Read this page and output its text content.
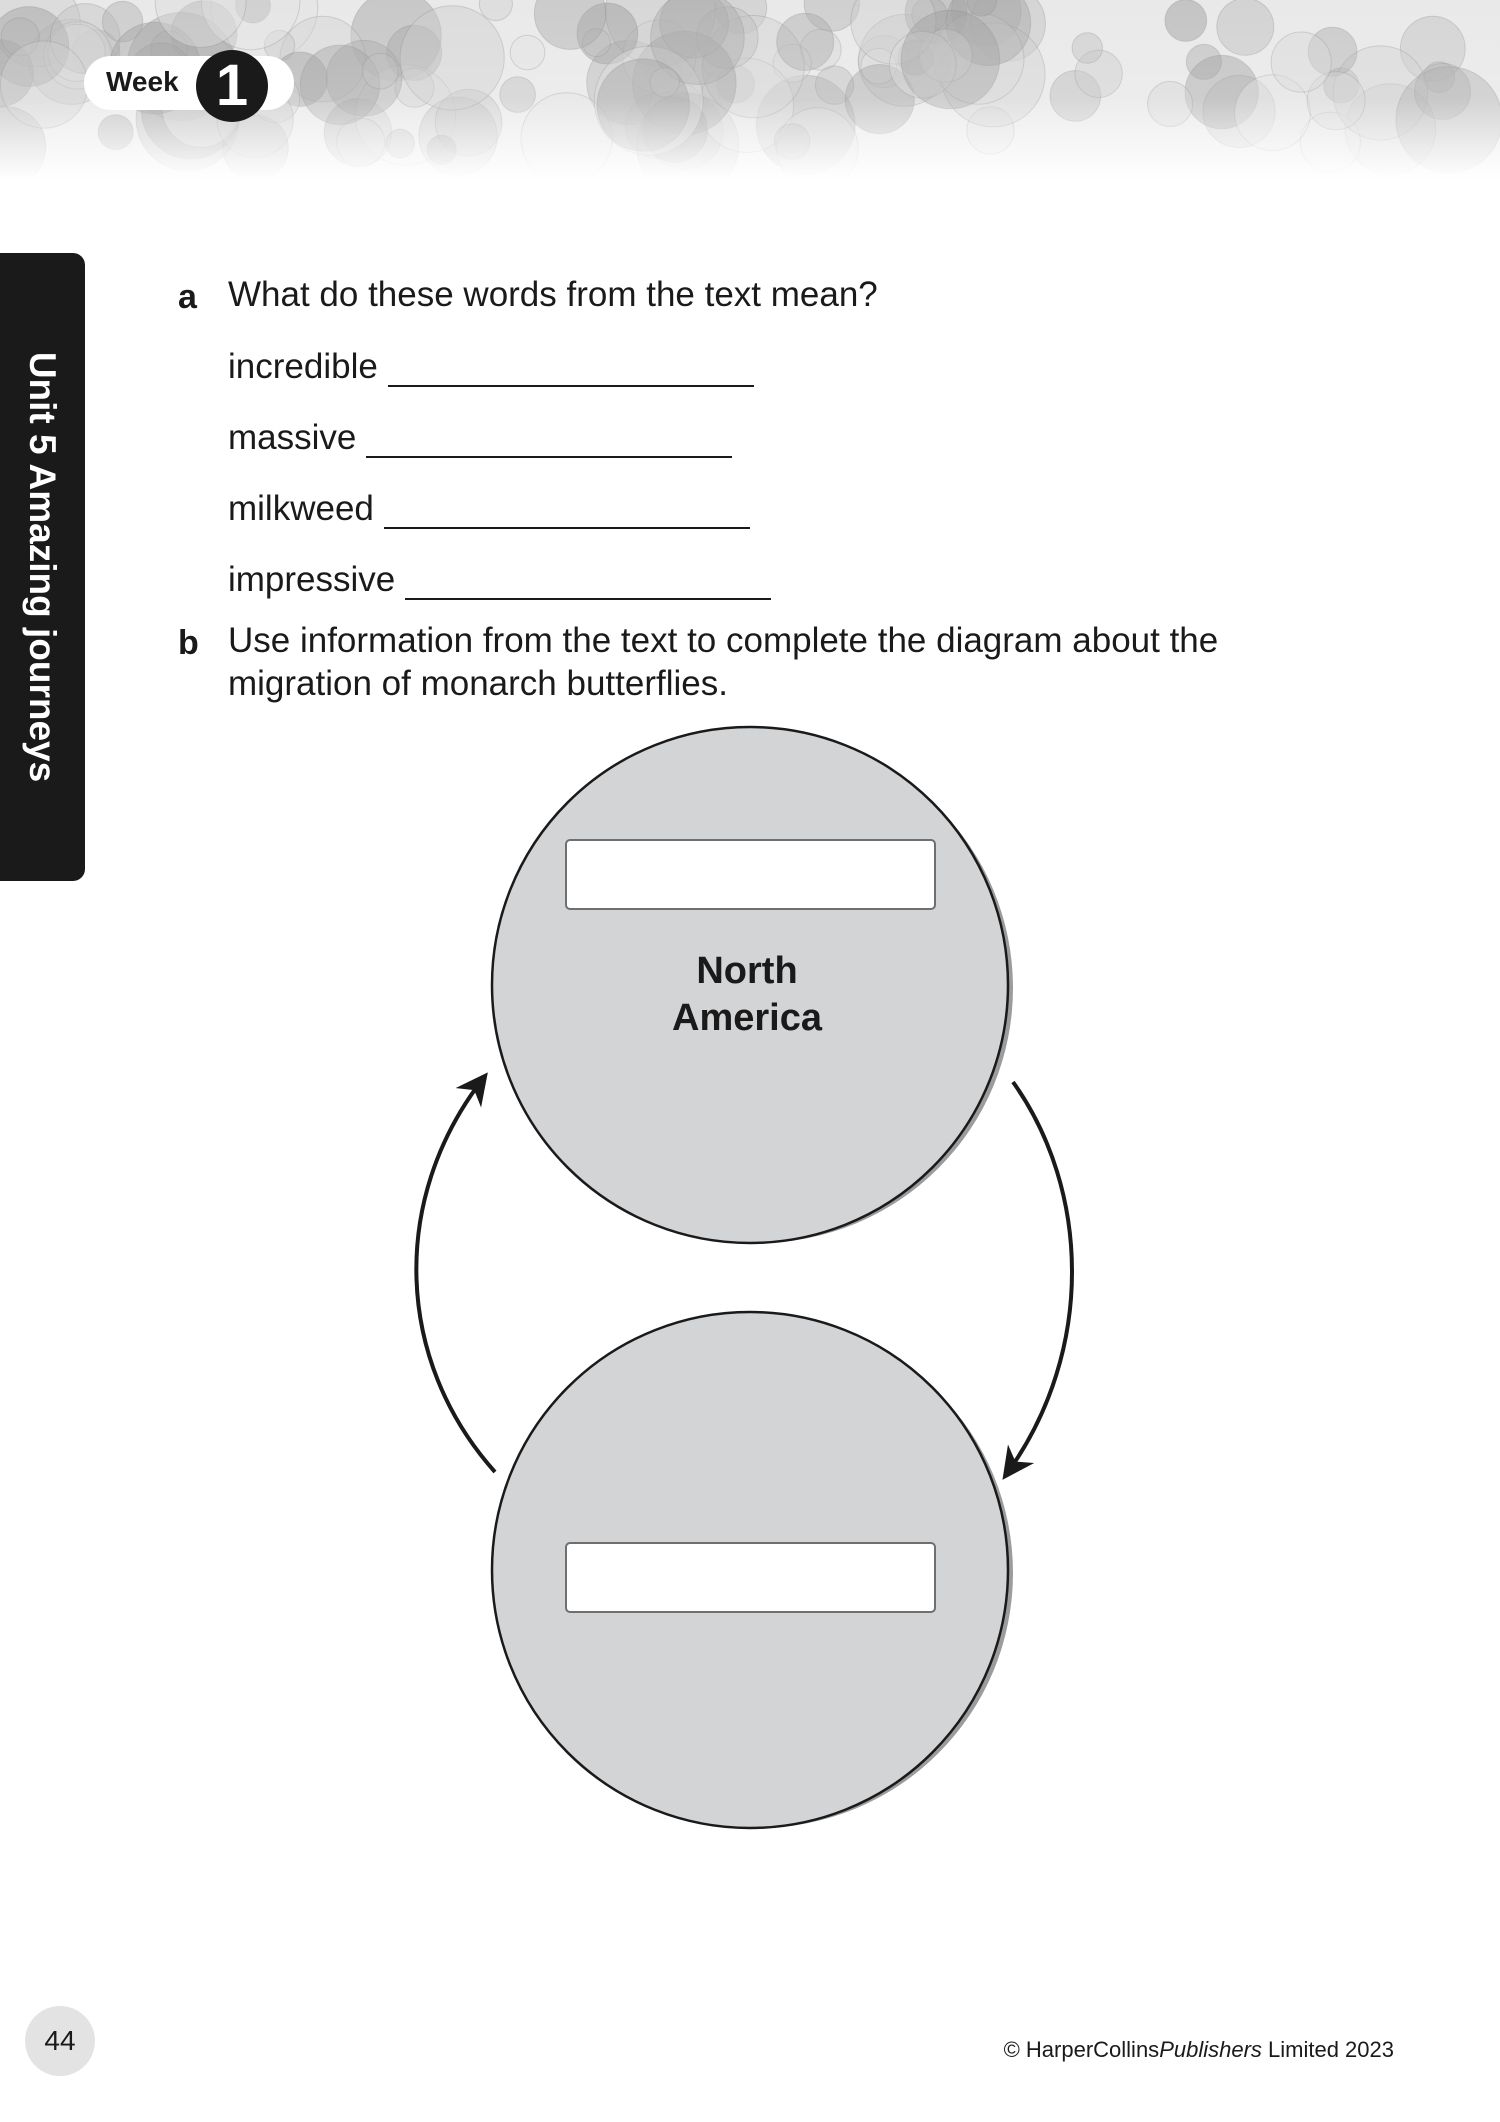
Week 1
Unit 5 Amazing journeys
a What do these words from the text mean?
incredible
massive
milkweed
impressive
b Use information from the text to complete the diagram about the
migration of monarch butterflies.
North
America
44	© HarperCollinsPublishers Limited 2023
